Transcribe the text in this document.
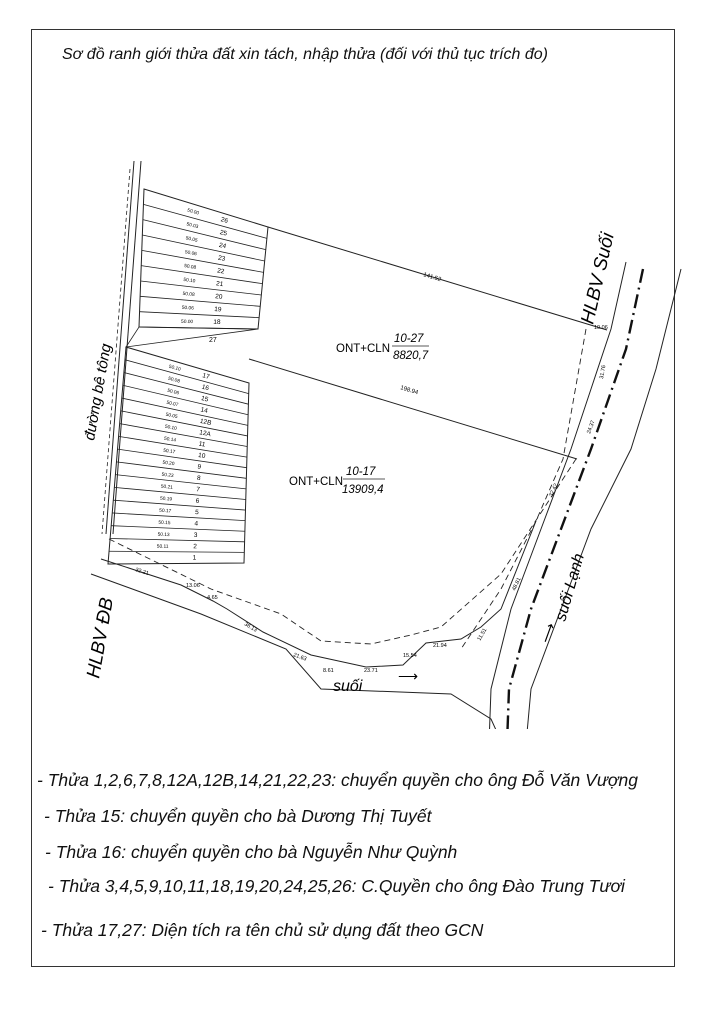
Sơ đồ ranh giới thửa đất xin tách, nhập thửa (đối với thủ tục trích đo)
đường bê tông
HLBV ĐB
HLBV Suối
suối
suối Lạnh
⟶
⟶
ONT+CLN
10-27
8820,7
ONT+CLN
10-17
13909,4
27
141.52
198.94
10.06
31.76
24.37
32.42
48.81
11.51
21.94
15.54
23.71
8.61
21.63
36.13
4.65
13.06
32.21
26
50.00
25
50.03
24
50.05
23
50.06
22
50.08
21
50.10
20
50.08
19
50.06
18
50.00
17
50.10
16
50.08
15
50.06
14
50.07
12B
50.05
12A
50.10
11
50.14
10
50.17
9
50.20
8
50.23
7
50.21
6
50.19
5
50.17
4
50.15
3
50.13
2
50.11
1
- Thửa 1,2,6,7,8,12A,12B,14,21,22,23: chuyển quyền cho ông Đỗ Văn Vượng
- Thửa 15: chuyển quyền cho bà Dương Thị Tuyết
- Thửa 16: chuyển quyền cho bà Nguyễn Như Quỳnh
- Thửa 3,4,5,9,10,11,18,19,20,24,25,26: C.Quyền cho ông Đào Trung Tươi
- Thửa 17,27: Diện tích ra tên chủ sử dụng đất theo GCN
